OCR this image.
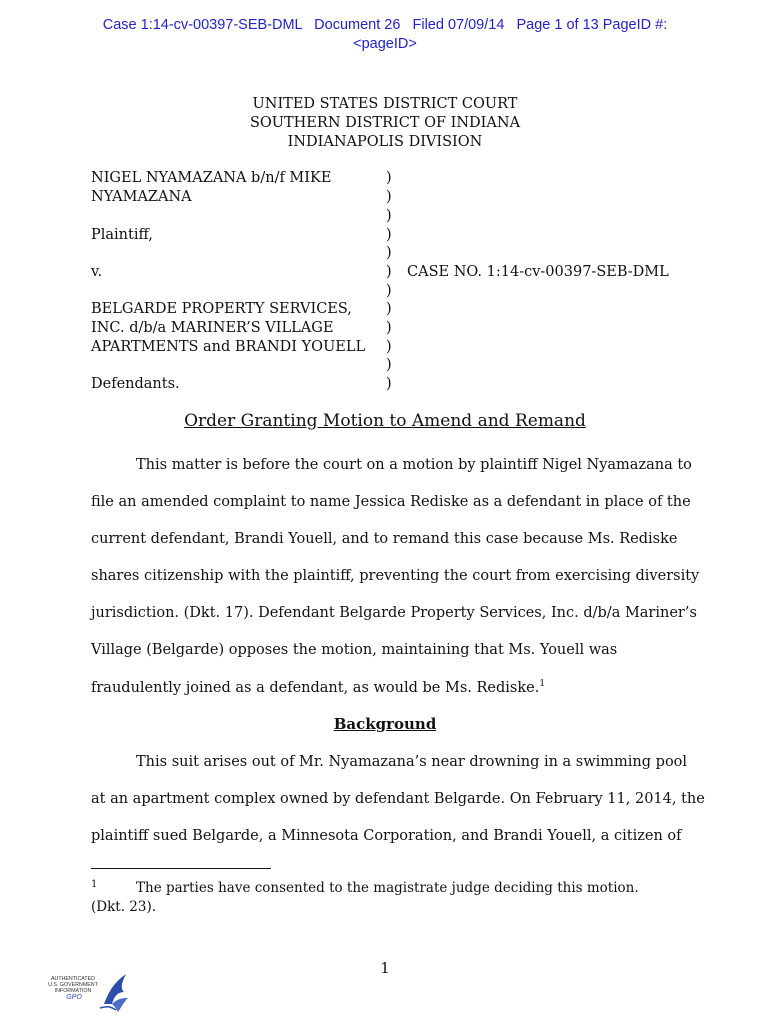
Case 1:14-cv-00397-SEB-DML   Document 26   Filed 07/09/14   Page 1 of 13 PageID #:
<pageID>
UNITED STATES DISTRICT COURT
SOUTHERN DISTRICT OF INDIANA
INDIANAPOLIS DIVISION
NIGEL NYAMAZANA b/n/f MIKE
NYAMAZANA
Plaintiff,
v.
BELGARDE PROPERTY SERVICES,
INC. d/b/a MARINER’S VILLAGE
APARTMENTS and BRANDI YOUELL
Defendants.
)
)
)
)
)
)
)
)
)
)
)
)
CASE NO. 1:14-cv-00397-SEB-DML
Order Granting Motion to Amend and Remand
This matter is before the court on a motion by plaintiff Nigel Nyamazana to
file an amended complaint to name Jessica Rediske as a defendant in place of the
current defendant, Brandi Youell, and to remand this case because Ms. Rediske
shares citizenship with the plaintiff, preventing the court from exercising diversity
jurisdiction. (Dkt. 17). Defendant Belgarde Property Services, Inc. d/b/a Mariner’s
Village (Belgarde) opposes the motion, maintaining that Ms. Youell was
fraudulently joined as a defendant, as would be Ms. Rediske.$^1$
Background
This suit arises out of Mr. Nyamazana’s near drowning in a swimming pool
at an apartment complex owned by defendant Belgarde. On February 11, 2014, the
plaintiff sued Belgarde, a Minnesota Corporation, and Brandi Youell, a citizen of
1	The parties have consented to the magistrate judge deciding this motion.
(Dkt. 23).
1
AUTHENTICATED
U.S. GOVERNMENT
INFORMATION
GPO
